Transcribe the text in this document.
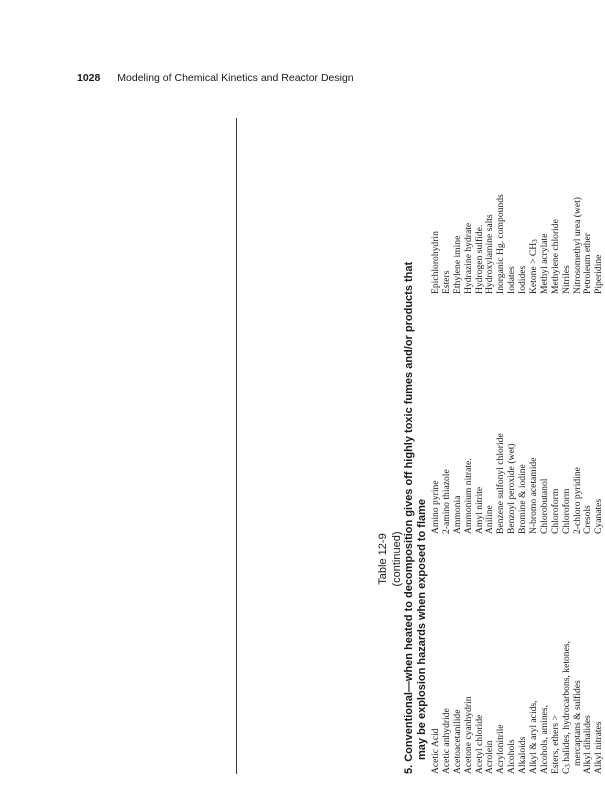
1028 Modeling of Chemical Kinetics and Reactor Design
Table 12-9 (continued) 5. Conventional—when heated to decomposition gives off highly toxic fumes and/or products that may be explosion hazards when exposed to flame Acetic Acid Acetic anhydride Acetoacetanilide Acetone cyanhydrin Acetyl chloride Acrolein Acrylonitrile Alcohols Alkaloids Alkyl & aryl acids, Alcohols, amines, Esters, ethers > $C_3$ halides, hydrocarbons, ketones, mercaptans & sulfides Alkyl dihalides Alkyl nitrates
Amino pyrine 2-amino thiazole Ammonia Ammonium nitrate. Amyl nitrite Aniline Benzene sulfonyl chloride Benzoyl peroxide (wet) Bromine & iodine N-bromo acetamide Chlorobutanol Chloroform Chloroform 2-chloro pyridine Cresols Cyanates
Epichlorohydrin Esters Ethylene imine Hydrazine hydrate Hydrogen sulfide. Hydroxylamine salts Inorganic Hg. compounds Iodates Iodides Ketone > $CH_3$ Methyl acrylate Methylene chloride Nitriles Nitrosomethyl urea (wet) Petroleum ether Piperidine
